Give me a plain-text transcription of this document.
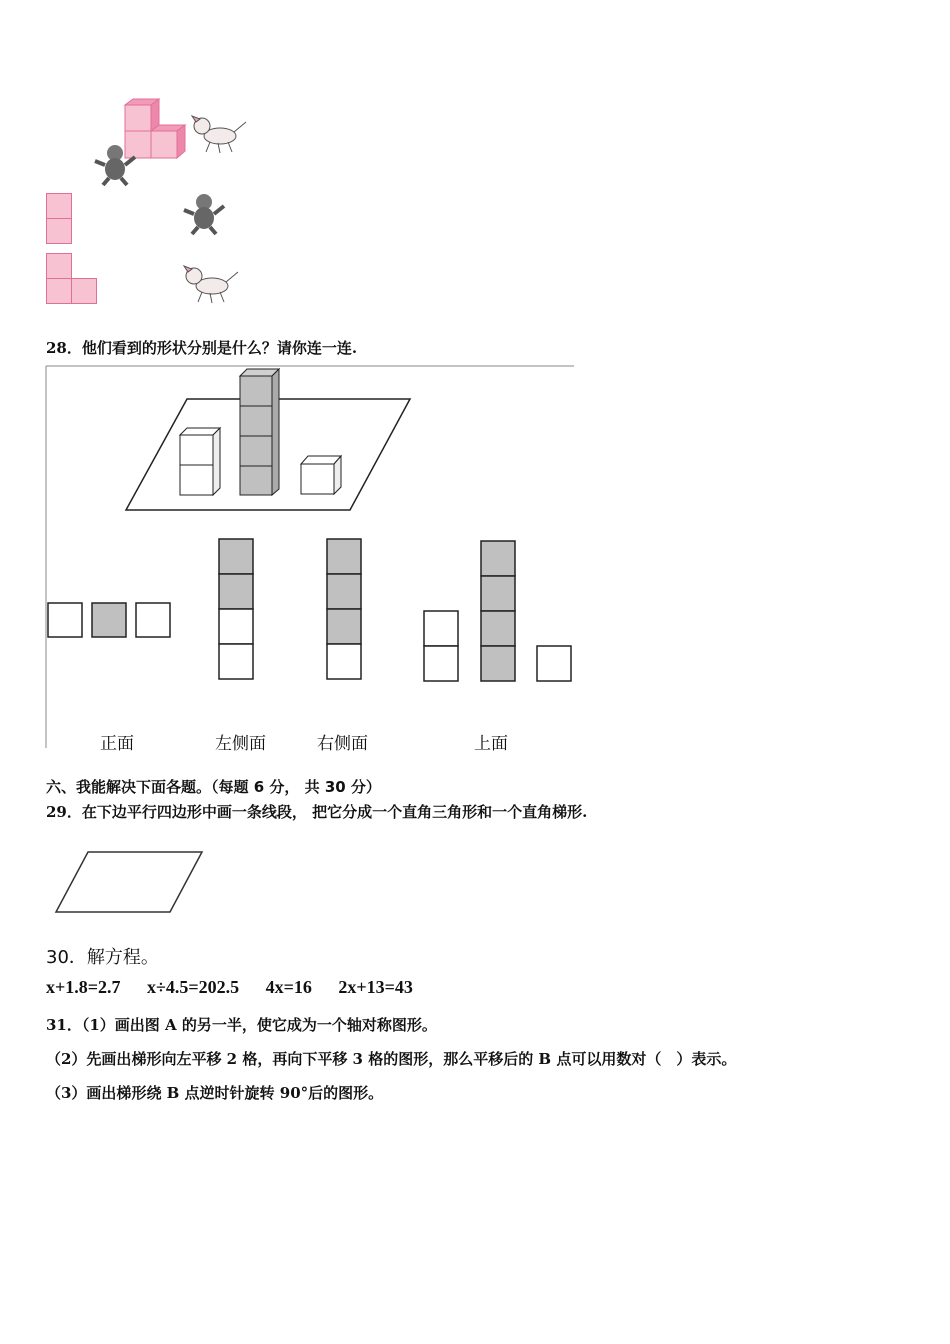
28．他们看到的形状分别是什么？请你连一连.
正面	左侧面	右侧面	上面
六、我能解决下面各题。（每题 6 分， 共 30 分）
29．在下边平行四边形中画一条线段， 把它分成一个直角三角形和一个直角梯形.
30．解方程。
x+1.8=2.7 x÷4.5=202.5 4x=16 2x+13=43
31．（1）画出图 A 的另一半，使它成为一个轴对称图形。
（2）先画出梯形向左平移 2 格，再向下平移 3 格的图形，那么平移后的 B 点可以用数对（　）表示。
（3）画出梯形绕 B 点逆时针旋转 90°后的图形。
